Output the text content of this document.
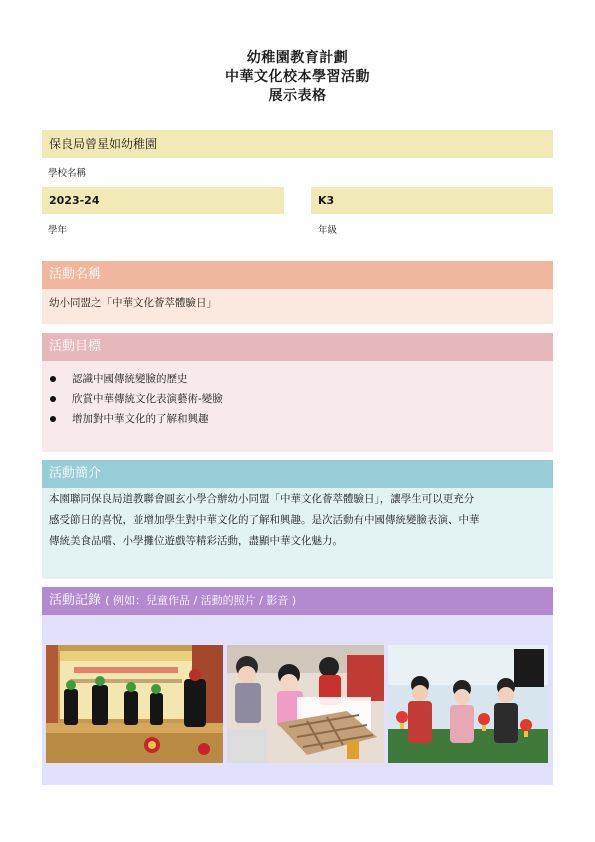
幼稚園教育計劃
中華文化校本學習活動
展示表格
保良局曾星如幼稚園
學校名稱
2023-24
學年
K3
年級
活動名稱
幼小同盟之「中華文化薈萃體驗日」
活動目標
認識中國傳統變臉的歷史
欣賞中華傳統文化表演藝術-變臉
增加對中華文化的了解和興趣
活動簡介
本園聯同保良局道教聯會圓玄小學合辦幼小同盟「中華文化薈萃體驗日」，讓學生可以更充分
感受節日的喜悅，並增加學生對中華文化的了解和興趣。是次活動有中國傳統變臉表演、中華
傳統美食品嚐、小學攤位遊戲等精彩活動，盡顯中華文化魅力。
活動記錄 ( 例如：兒童作品 / 活動的照片 / 影音 )
